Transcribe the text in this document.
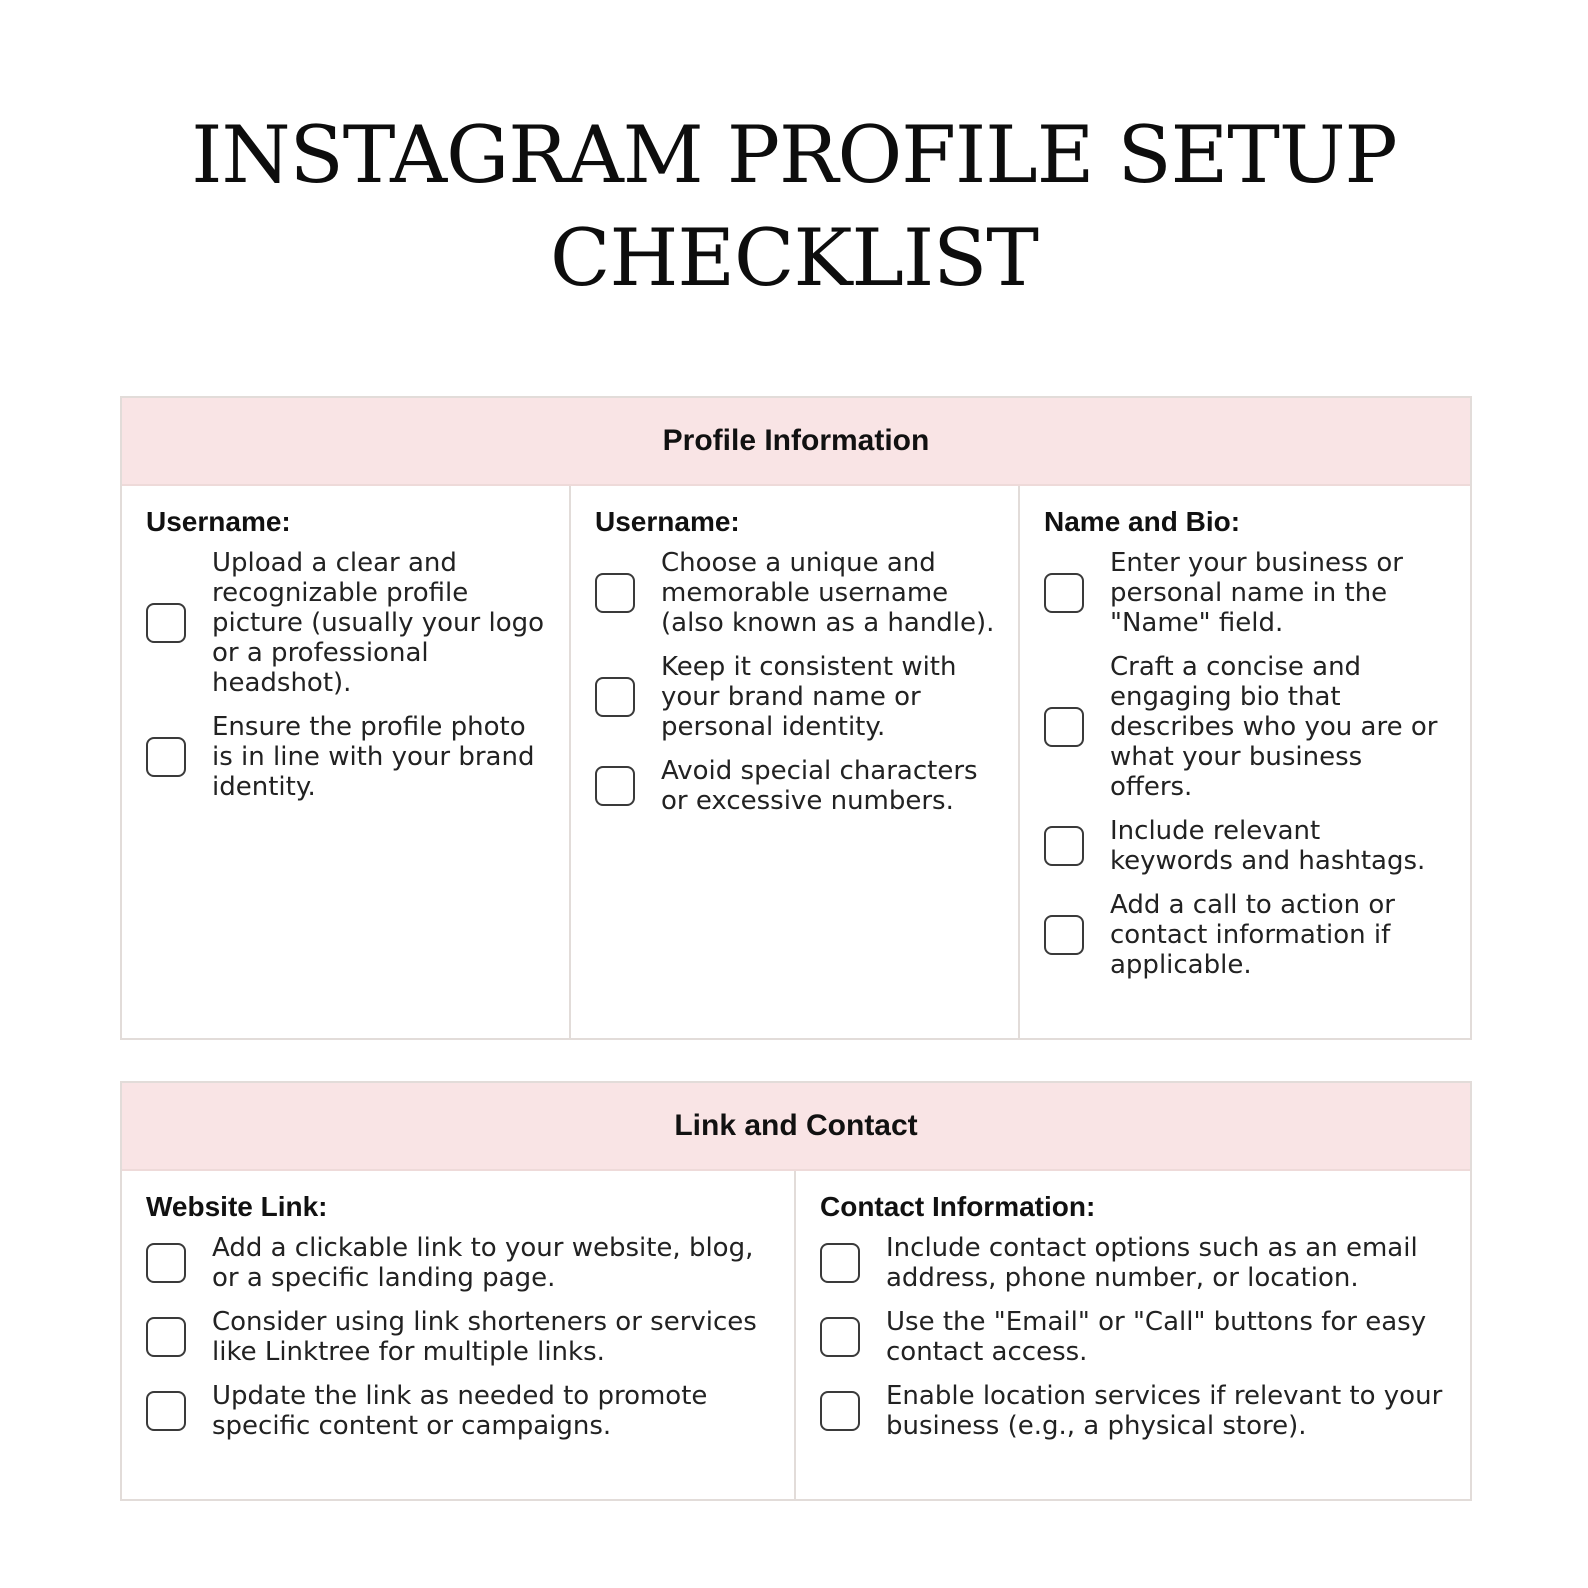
INSTAGRAM PROFILE SETUP
CHECKLIST
Profile Information
Username:
Upload a clear and recognizable profile picture (usually your logo or a professional headshot).
Ensure the profile photo is in line with your brand identity.
Username:
Choose a unique and memorable username (also known as a handle).
Keep it consistent with your brand name or personal identity.
Avoid special characters or excessive numbers.
Name and Bio:
Enter your business or personal name in the "Name" field.
Craft a concise and engaging bio that describes who you are or what your business offers.
Include relevant keywords and hashtags.
Add a call to action or contact information if applicable.
Link and Contact
Website Link:
Add a clickable link to your website, blog, or a specific landing page.
Consider using link shorteners or services like Linktree for multiple links.
Update the link as needed to promote specific content or campaigns.
Contact Information:
Include contact options such as an email address, phone number, or location.
Use the "Email" or "Call" buttons for easy contact access.
Enable location services if relevant to your business (e.g., a physical store).
